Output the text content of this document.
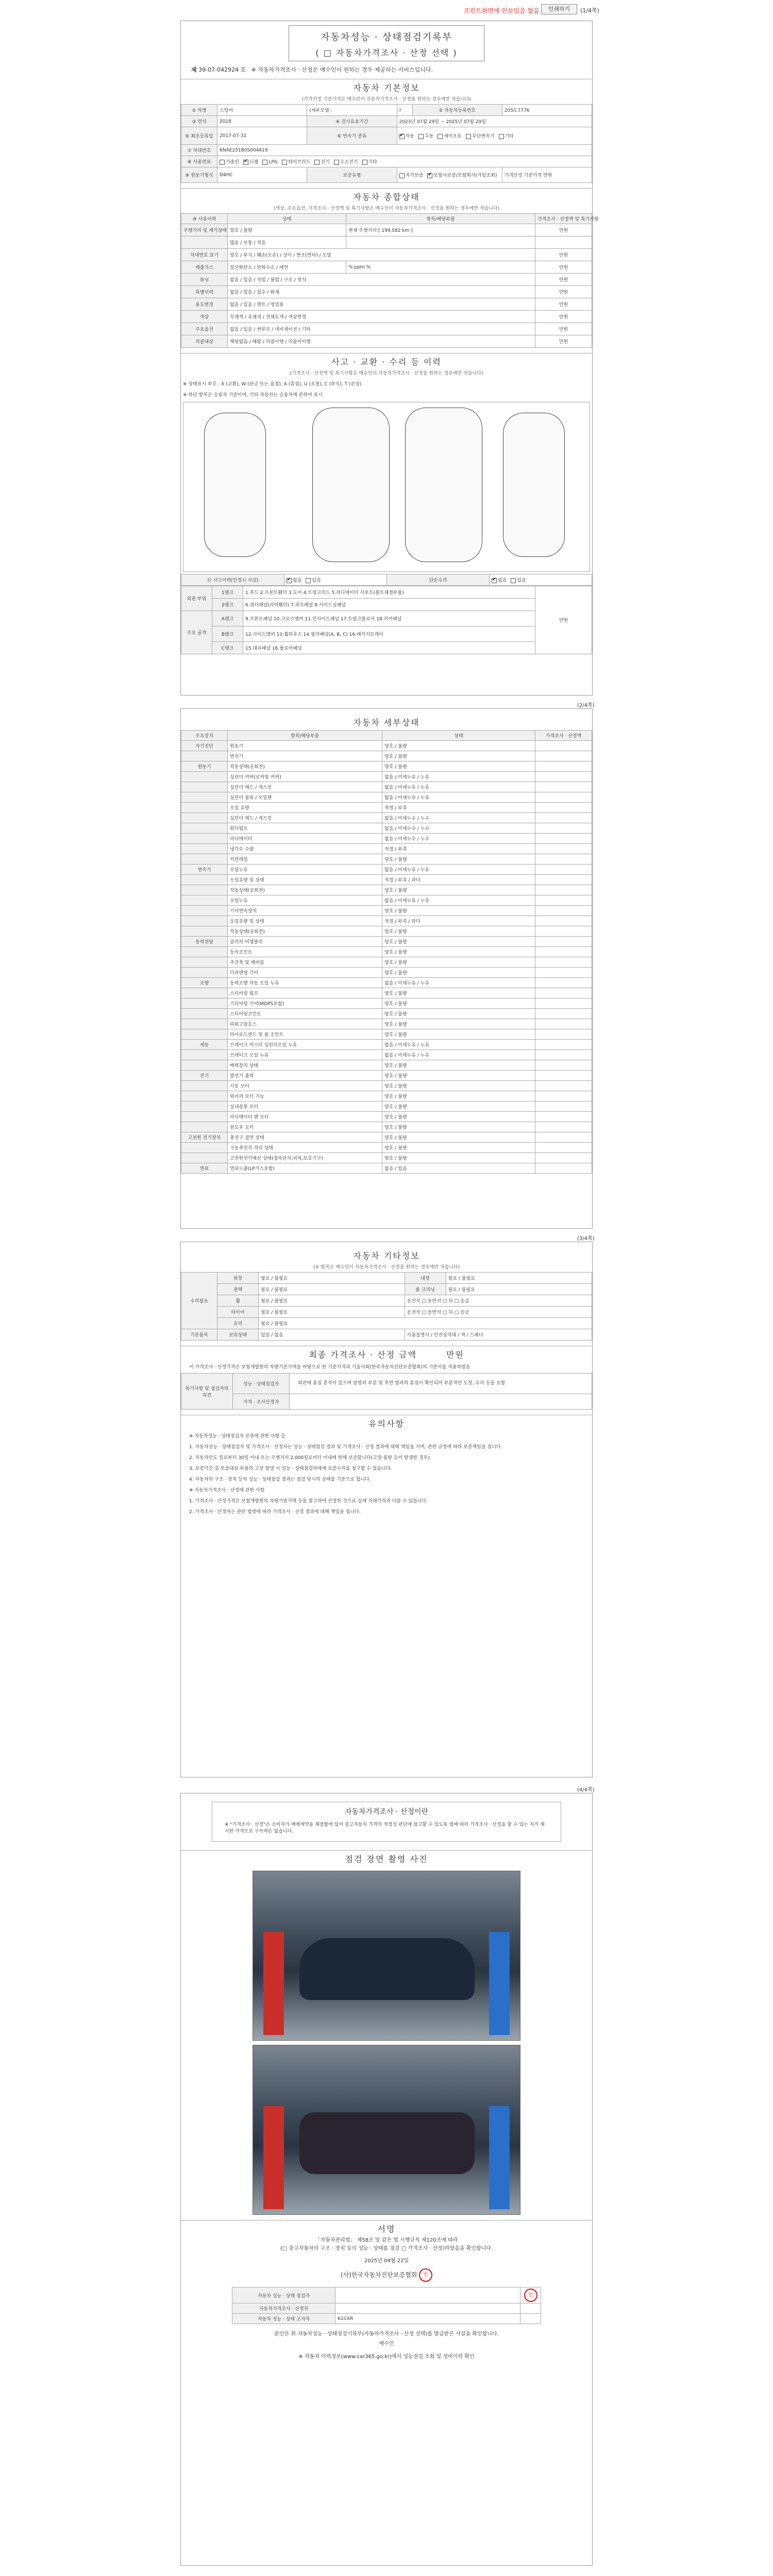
프린트화면에 안보임을 없음	인쇄하기	(1/4쪽)
자동차성능 · 상태점검기록부
( □ 자동차가격조사 · 산정 선택 )
제 39-07-042924 호 ※ 자동차가격조사 · 산정은 매수인이 원하는 경우 제공하는 서비스입니다.
자동차 기본정보
(가격산정 기준가격은 매수인이 자동차가격조사 · 산정을 원하는 경우에만 적습니다)
① 차명	스팅어	(세부모델 :	)	② 자동차등록번호	205도7776
③ 연식	2018	④ 검사유효기간	2023년 07월 29일 ~ 2025년 07월 29일		
⑤ 최초등록일	2017-07-31	⑥ 변속기 종류	✔자동 수동 세미오토 무단변속기 기타
⑦ 차대번호	KNAE251B0S004419				
⑧ 사용연료	가솔린 ✔ 디젤 LPG 하이브리드 전기 수소전기 기타
⑨ 원동기형식	D4HC	보증유형	자가보증 ✔ 보험사보증/보험회사(가입조회)		가격산정 기준가격 만원
자동차 종합상태
(색상, 주요옵션, 가격조사 · 산정액 및 특기사항은 매수인이 자동차가격조사 · 산정을 원하는 경우에만 적습니다)
⑩ 사용이력	상태	항목/해당부품	가격조사 · 산정액 및 특기사항
주행거리 및 계기상태	양호 / 불량	현재 주행거리 [ 199,582 km ]	만원
	많음 / 보통 / 적음		
차대번호 표기	양호 / 부식 / 훼손(오손) / 상이 / 변조(변타) / 도말		만원
배출가스	일산화탄소 / 탄화수소 / 매연	% ppm %	만원
튜닝	없음 / 있음 / 적법 / 불법 / 구조 / 장치		만원
특별이력	없음 / 있음 / 침수 / 화재		만원
용도변경	없음 / 있음 / 렌트 / 영업용		만원
색상	무채색 / 유채색 / 전체도색 / 색상변경		만원
주요옵션	없음 / 있음 / 썬루프 / 네비게이션 / 기타		만원
리콜대상	해당없음 / 해당 / 리콜이행 / 리콜미이행		만원
사고 · 교환 · 수리 등 이력
(가격조사 · 산정액 및 특기사항은 매수인이 자동차가격조사 · 산정을 원하는 경우에만 적습니다)
※ 상태표시 부호 : X (교환), W (판금 또는 용접), A (흠집), U (요철), C (부식), T (손상)
※ 하단 항목은 승용차 기준이며, 기타 자동차는 승용차에 준하여 표시
⑮ 사고이력(인정시 사실)	✔없음 있음	단순수리	✔없음 있음
외판 부위	1랭크	1.후드 2.프론트휀더 3.도어 4.트렁크리드 5.라디에이터 서포트(볼트체결부품)	만원
	2랭크	6.쿼터패널(리어휀더) 7.루프패널 8.사이드실패널	
주요 골격	A랭크	9.프론트패널 10.크로스멤버 11.인사이드패널 17.트렁크플로어 18.리어패널	
	B랭크	12.사이드멤버 13.휠하우스 14.필러패널(A, B, C) 16.패키지트레이	
	C랭크	15.대쉬패널 16.플로어패널	
(2/4쪽)
자동차 세부상태
주요장치	항목/해당부품	상태	가격조사 · 산정액
자기진단	원동기	양호 / 불량	
	변속기	양호 / 불량	
원동기	작동상태(공회전)	양호 / 불량	
	실린더 커버(로커암 커버)	없음 / 미세누유 / 누유	
	실린더 헤드 / 개스킷	없음 / 미세누유 / 누유	
	실린더 블록 / 오일팬	없음 / 미세누유 / 누유	
	오일 유량	적정 / 부족	
	실린더 헤드 / 개스킷	없음 / 미세누수 / 누수	
	워터펌프	없음 / 미세누수 / 누수	
	라디에이터	없음 / 미세누수 / 누수	
	냉각수 수량	적정 / 부족	
	커먼레일	양호 / 불량	
변속기	오일누유	없음 / 미세누유 / 누유	
	오일유량 및 상태	적정 / 부족 / 과다	
	작동상태(공회전)	양호 / 불량	
	오일누유	없음 / 미세누유 / 누유	
	기어변속장치	양호 / 불량	
	오일유량 및 상태	적정 / 부족 / 과다	
	작동상태(공회전)	양호 / 불량	
동력전달	클러치 어셈블리	양호 / 불량	
	등속조인트	양호 / 불량	
	추진축 및 베어링	양호 / 불량	
	디퍼렌셜 기어	양호 / 불량	
조향	동력조향 작동 오일 누유	없음 / 미세누유 / 누유	
	스티어링 펌프	양호 / 불량	
	스티어링 기어(MDPS포함)	양호 / 불량	
	스티어링조인트	양호 / 불량	
	파워고압호스	양호 / 불량	
	타이로드엔드 및 볼 조인트	양호 / 불량	
제동	브레이크 마스터 실린더오일 누유	없음 / 미세누유 / 누유	
	브레이크 오일 누유	없음 / 미세누유 / 누유	
	배력장치 상태	양호 / 불량	
전기	발전기 출력	양호 / 불량	
	시동 모터	양호 / 불량	
	와이퍼 모터 기능	양호 / 불량	
	실내송풍 모터	양호 / 불량	
	라디에이터 팬 모터	양호 / 불량	
	윈도우 모터	양호 / 불량	
고전원 전기장치	충전구 절연 상태	양호 / 불량	
	구동축전지 격리 상태	양호 / 불량	
	고전원전기배선 상태(접속단자,피복,보호기구)	양호 / 불량	
연료	연료누출(LP가스포함)	없음 / 있음	
(3/4쪽)
자동차 기타정보
(⑤ 항목은 매수인이 자동차가격조사 · 산정을 원하는 경우에만 적습니다)
수리필요	외장	필요 / 불필요	내장	필요 / 불필요
	광택	필요 / 불필요	룸 크리닝	필요 / 불필요
	휠	필요 / 불필요	운전석 □ 동반석 □ 뒤 □ 응급	
	타이어	필요 / 불필요	운전석 □ 동반석 □ 뒤 □ 응급	
	유리	필요 / 불필요		
기본품목	보유상태	있음 / 없음	사용설명서 / 안전삼각대 / 잭 / 스패너	
최종 가격조사 · 산정 금액	만원
이 가격조사 · 산정가격은 보험개발원의 차량기준가액을 바탕으로 한 기준가격과 기술사회(한국자동차진단보증협회)의 기준서를 적용하였음
특기사항 및 점검자의 의견	성능 · 상태점검자	외관에 흠집 흔적이 있으며 앞범퍼 부분 및 후면 범퍼의 흠집이 확인되어 부분적인 도장, 수리 등을 요함
	가격 · 조사산정자	
유의사항
※ 자동차성능 · 상태점검자 보증에 관한 사항 등
1. 자동차성능 · 상태점검자 및 가격조사 · 산정자는 성능 · 상태점검 결과 및 가격조사 · 산정 결과에 대해 책임을 지며, 관련 규정에 따라 보증책임을 집니다.
2. 자동차인도 일로부터 30일 이내 또는 주행거리 2,000킬로미터 이내에 한해 보증합니다(고장·불량 등이 발생한 경우).
3. 보증기간 중 보증대상 부품의 고장 발생 시 성능 · 상태점검자에게 보증수리를 청구할 수 있습니다.
4. 자동차의 구조 · 장치 등의 성능 · 상태점검 결과는 점검 당시의 상태를 기준으로 합니다.
※ 자동차가격조사 · 산정에 관한 사항
1. 가격조사 · 산정가격은 보험개발원의 차량기준가액 등을 참고하여 산정한 것으로 실제 거래가격과 다를 수 있습니다.
2. 가격조사 · 산정자는 관련 법령에 따라 가격조사 · 산정 결과에 대해 책임을 집니다.
(4/4쪽)
자동차가격조사 · 산정이란
※ "가격조사 · 산정"은 소비자가 매매계약을 체결함에 있어 중고자동차 가격의 적정성 판단에 참고할 수 있도록 법에 따라 가격조사 · 산정을 할 수 있는 자가 제시한 가격으로 구속력은 없습니다.
점검 장면 촬영 사진
서명
「자동차관리법」 제58조 및 같은 법 시행규칙 제120조에 따라
(□ 중고자동차의 구조 · 장치 등의 성능 · 상태를 점검 □ 가격조사 · 산정)하였음을 확인합니다.
2025년 04월 22일
(사)한국자동차진단보증협회 인
자동차 성능 · 상태 점검자		인
자동차가격조사 · 산정자		
자동차 성능 · 상태 고지자	K1CAR	
본인은 위 자동차성능 · 상태점검기록부(자동차가격조사 · 산정 선택)를 발급받은 사실을 확인합니다.
매수인
※ 자동차 이력정보(www.car365.go.kr)에서 성능점검 조회 및 정비이력 확인
